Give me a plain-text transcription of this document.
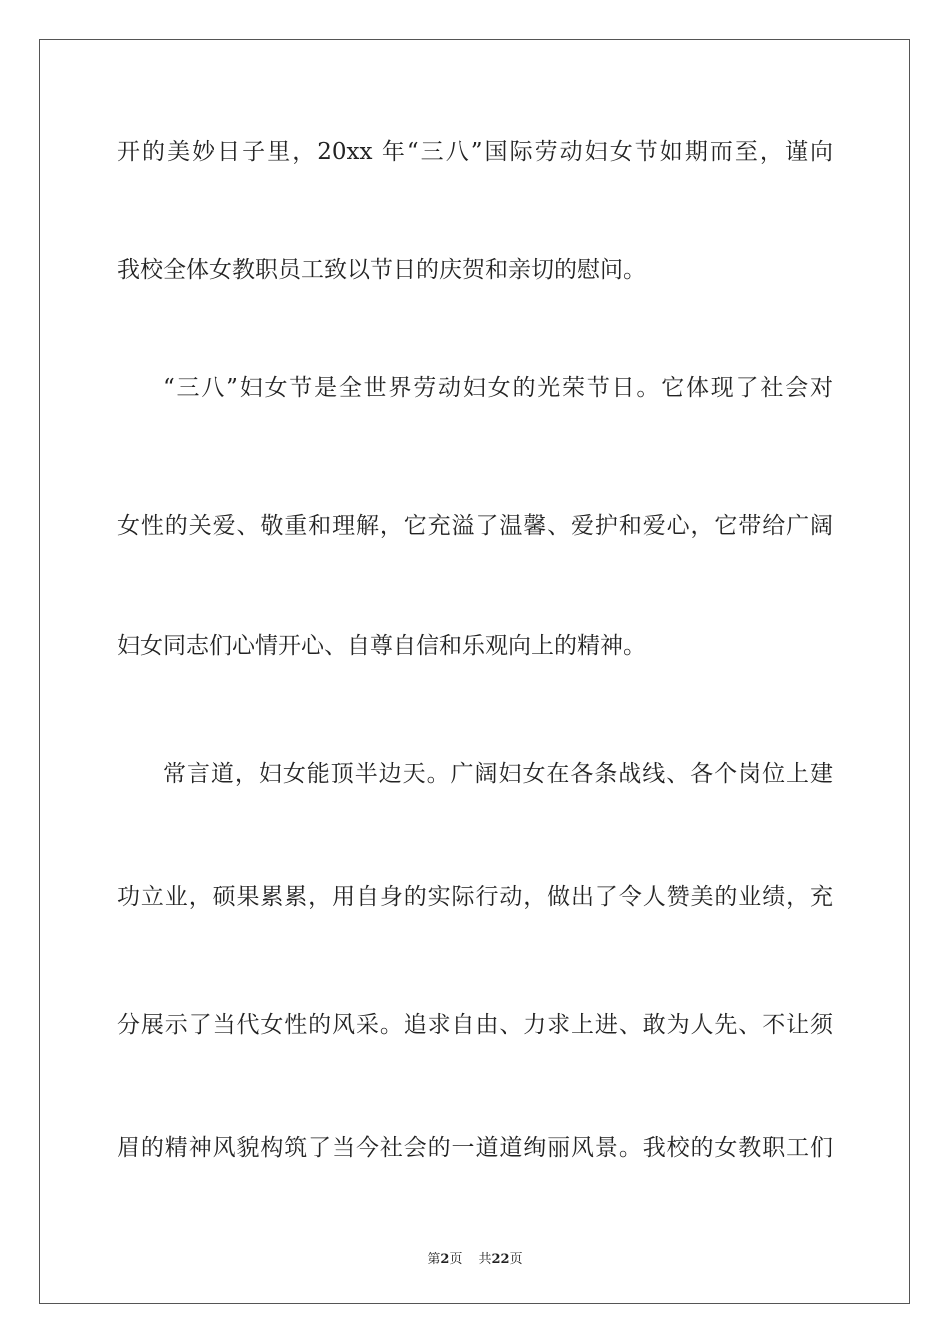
开的美妙日子里，20xx 年“三八”国际劳动妇女节如期而至，谨向
我校全体女教职员工致以节日的庆贺和亲切的慰问。
“三八”妇女节是全世界劳动妇女的光荣节日。它体现了社会对
女性的关爱、敬重和理解，它充溢了温馨、爱护和爱心，它带给广阔
妇女同志们心情开心、自尊自信和乐观向上的精神。
常言道，妇女能顶半边天。广阔妇女在各条战线、各个岗位上建
功立业，硕果累累，用自身的实际行动，做出了令人赞美的业绩，充
分展示了当代女性的风采。追求自由、力求上进、敢为人先、不让须
眉的精神风貌构筑了当今社会的一道道绚丽风景。我校的女教职工们
第2页 共22页
